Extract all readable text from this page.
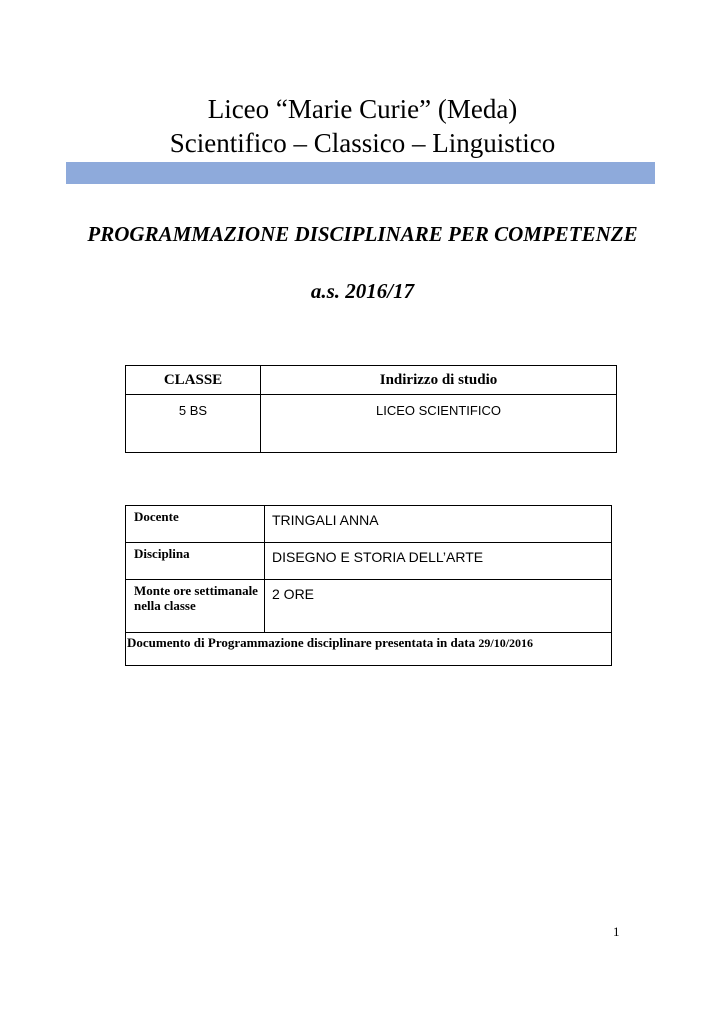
Liceo “Marie Curie” (Meda)
Scientifico – Classico – Linguistico
PROGRAMMAZIONE DISCIPLINARE PER COMPETENZE
a.s. 2016/17
CLASSE	Indirizzo di studio
5 BS	LICEO SCIENTIFICO
Docente	TRINGALI ANNA
Disciplina	DISEGNO E STORIA DELL’ARTE
Monte ore settimanale nella classe	2 ORE
Documento di Programmazione disciplinare presentata in data 29/10/2016	
1
